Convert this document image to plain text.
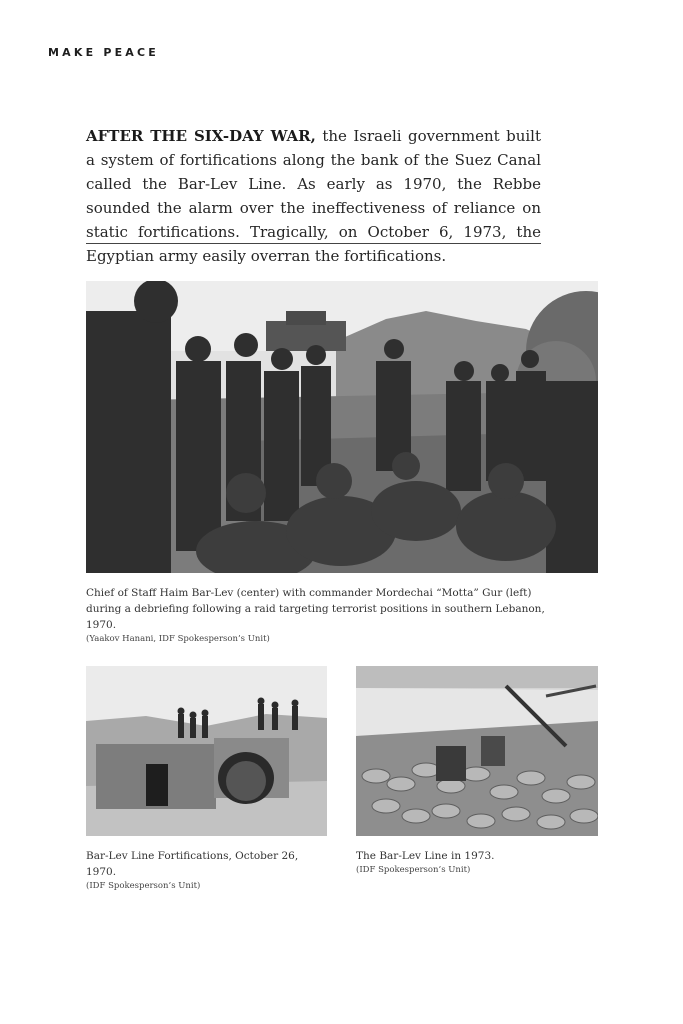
MAKE PEACE

AFTER THE SIX-DAY WAR, the Israeli government built a system of fortifications along the bank of the Suez Canal called the Bar-Lev Line. As early as 1970, the Rebbe sounded the alarm over the ineffectiveness of reliance on static fortifications. Tragically, on October 6, 1973, the Egyptian army easily overran the fortifications.

Chief of Staff Haim Bar-Lev (center) with commander Mordechai “Motta” Gur (left) during a debriefing following a raid targeting terrorist positions in southern Lebanon, 1970.
(Yaakov Hanani, IDF Spokesperson’s Unit)
Bar-Lev Line Fortifications, October 26, 1970.
(IDF Spokesperson’s Unit)
The Bar-Lev Line in 1973.
(IDF Spokesperson’s Unit)
